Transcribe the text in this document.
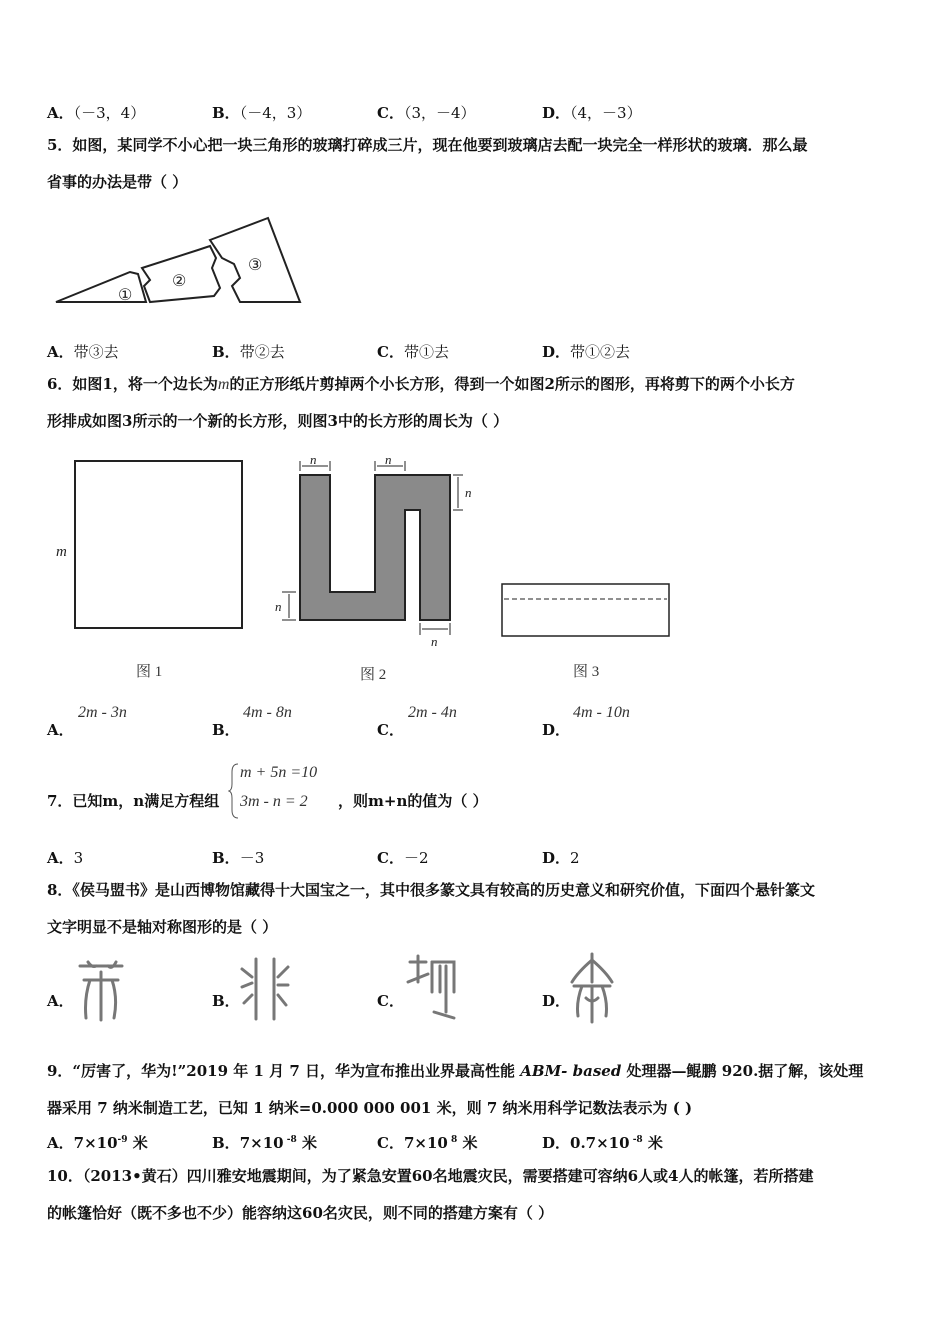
A．（－3，4）	B．（－4，3）	C．（3，－4）	D．（4，－3）
5．如图，某同学不小心把一块三角形的玻璃打碎成三片，现在他要到玻璃店去配一块完全一样形状的玻璃．那么最
省事的办法是带（ ）
①
②
③
A．带③去	B．带②去	C．带①去	D．带①②去
6．如图1，将一个边长为m的正方形纸片剪掉两个小长方形，得到一个如图2所示的图形，再将剪下的两个小长方
形排成如图3所示的一个新的长方形，则图3中的长方形的周长为（ ）
m
图 1
n	n
n
n
n
图 2	图 3
A．
2m - 3n
B．
4m - 8n
C．
2m - 4n
D．
4m - 10n
7．已知m，n满足方程组
m + 5n =10
3m - n = 2 ，则m+n的值为（ ）
A．3	B．－3	C．－2	D．2
8．《侯马盟书》是山西博物馆藏得十大国宝之一，其中很多篆文具有较高的历史意义和研究价值，下面四个悬针篆文
文字明显不是轴对称图形的是（ ）
A．	B．	C．	D．
9．“厉害了，华为!”2019 年 1 月 7 日，华为宣布推出业界最高性能 ABM- based 处理器—鲲鹏 920.据了解，该处理
器采用 7 纳米制造工艺，已知 1 纳米=0.000 000 001 米，则 7 纳米用科学记数法表示为 ( )
A．$7\times 10^{-9}$ 米	B．7×10 $^{-8}$ 米	C．7×10 $^8$ 米	D．0.7×10 $^{-8}$ 米
10．（2013•黄石）四川雅安地震期间，为了紧急安置60名地震灾民，需要搭建可容纳6人或4人的帐篷，若所搭建
的帐篷恰好（既不多也不少）能容纳这60名灾民，则不同的搭建方案有（ ）
